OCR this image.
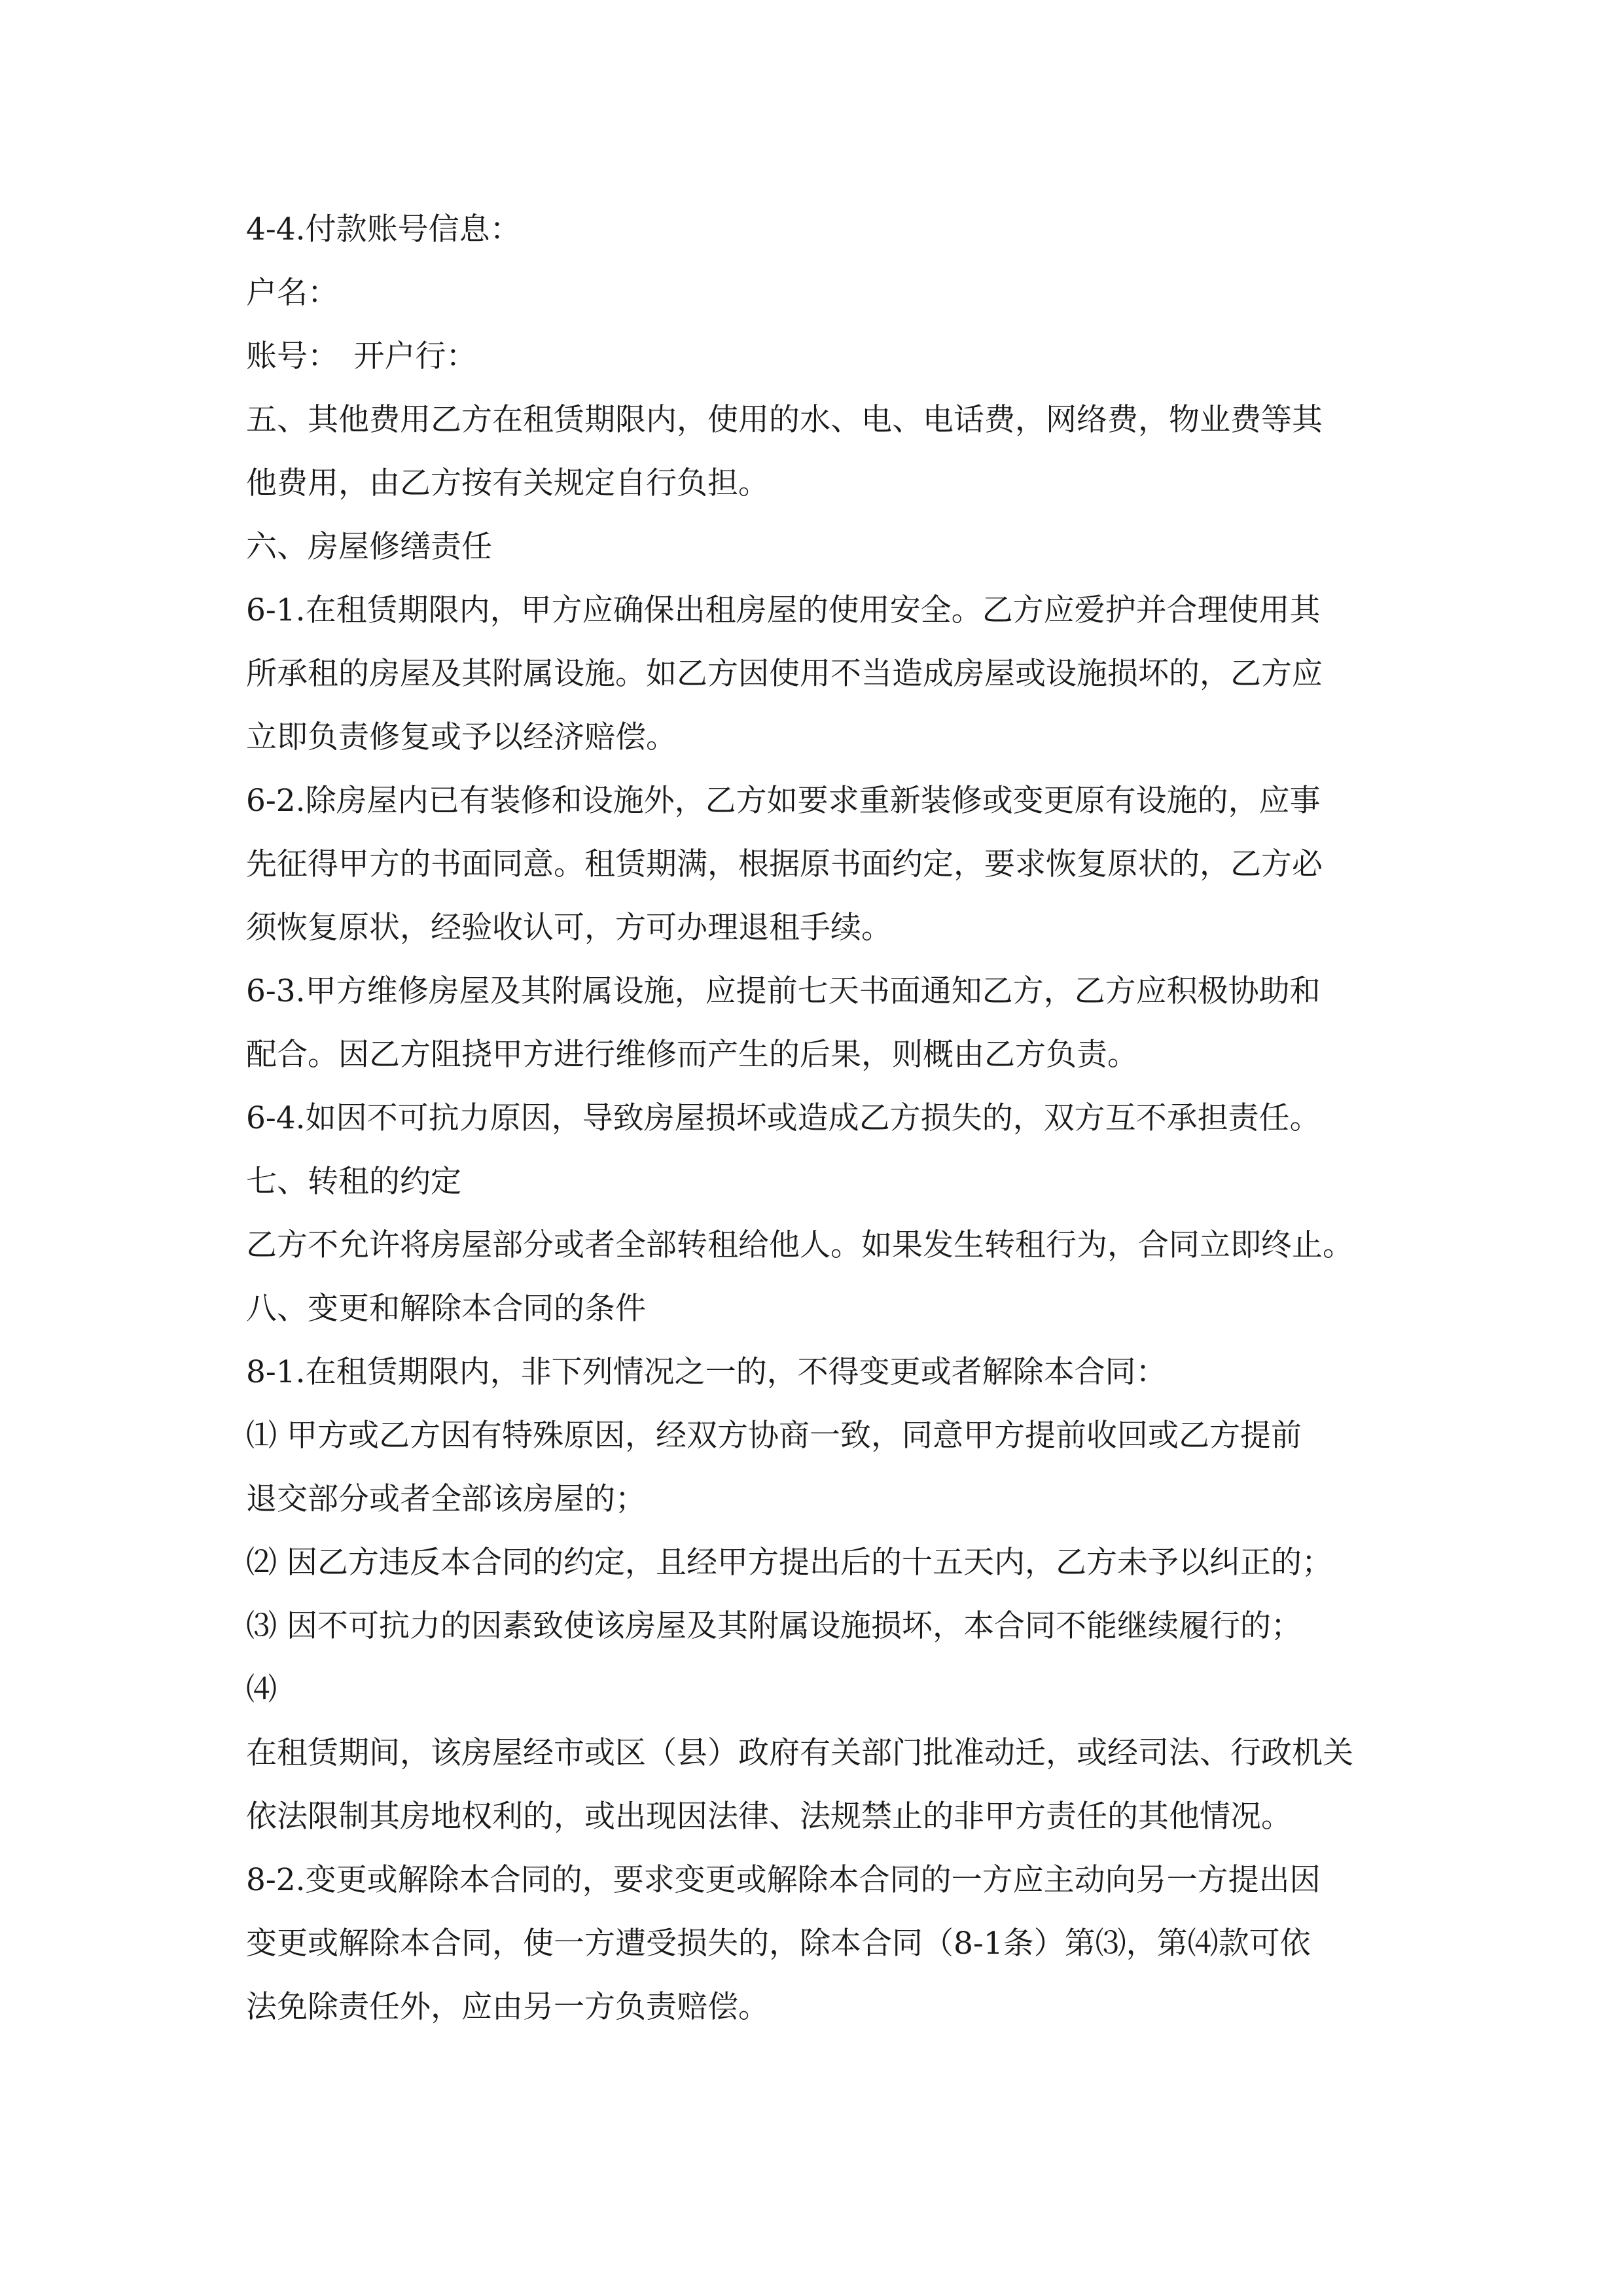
4-4.付款账号信息：
户名：
账号：　开户行：
五、其他费用乙方在租赁期限内，使用的水、电、电话费，网络费，物业费等其
他费用，由乙方按有关规定自行负担。
六、房屋修缮责任
6-1.在租赁期限内，甲方应确保出租房屋的使用安全。乙方应爱护并合理使用其
所承租的房屋及其附属设施。如乙方因使用不当造成房屋或设施损坏的，乙方应
立即负责修复或予以经济赔偿。
6-2.除房屋内已有装修和设施外，乙方如要求重新装修或变更原有设施的，应事
先征得甲方的书面同意。租赁期满，根据原书面约定，要求恢复原状的，乙方必
须恢复原状，经验收认可，方可办理退租手续。
6-3.甲方维修房屋及其附属设施，应提前七天书面通知乙方，乙方应积极协助和
配合。因乙方阻挠甲方进行维修而产生的后果，则概由乙方负责。
6-4.如因不可抗力原因，导致房屋损坏或造成乙方损失的，双方互不承担责任。
七、转租的约定
乙方不允许将房屋部分或者全部转租给他人。如果发生转租行为，合同立即终止。
八、变更和解除本合同的条件
8-1.在租赁期限内，非下列情况之一的，不得变更或者解除本合同：
⑴ 甲方或乙方因有特殊原因，经双方协商一致，同意甲方提前收回或乙方提前
退交部分或者全部该房屋的；
⑵ 因乙方违反本合同的约定，且经甲方提出后的十五天内，乙方未予以纠正的；
⑶ 因不可抗力的因素致使该房屋及其附属设施损坏，本合同不能继续履行的；
⑷
在租赁期间，该房屋经市或区（县）政府有关部门批准动迁，或经司法、行政机关
依法限制其房地权利的，或出现因法律、法规禁止的非甲方责任的其他情况。
8-2.变更或解除本合同的，要求变更或解除本合同的一方应主动向另一方提出因
变更或解除本合同，使一方遭受损失的，除本合同（8-1条）第⑶，第⑷款可依
法免除责任外，应由另一方负责赔偿。
